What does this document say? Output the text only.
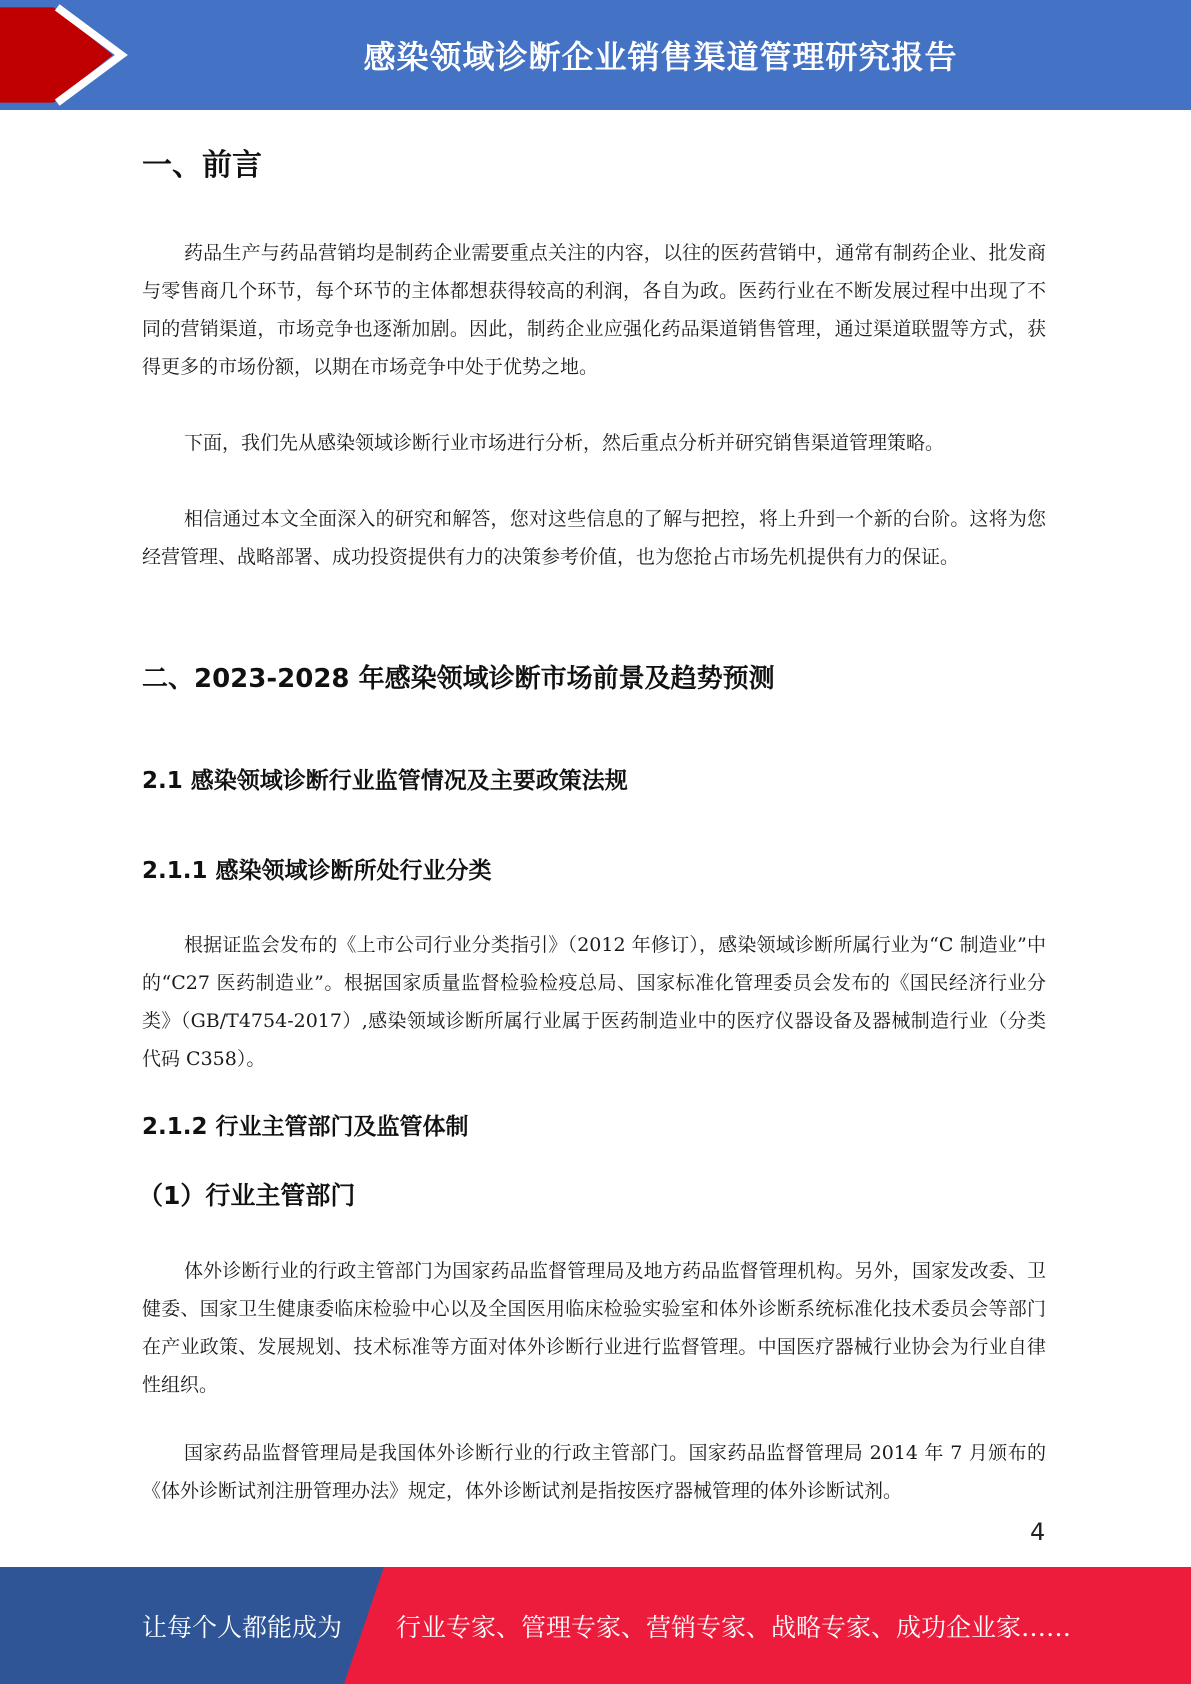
感染领域诊断企业销售渠道管理研究报告
一、前言

药品生产与药品营销均是制药企业需要重点关注的内容，以往的医药营销中，通常有制药企业、批发商与零售商几个环节，每个环节的主体都想获得较高的利润，各自为政。医药行业在不断发展过程中出现了不同的营销渠道，市场竞争也逐渐加剧。因此，制药企业应强化药品渠道销售管理，通过渠道联盟等方式，获得更多的市场份额，以期在市场竞争中处于优势之地。

下面，我们先从感染领域诊断行业市场进行分析，然后重点分析并研究销售渠道管理策略。

相信通过本文全面深入的研究和解答，您对这些信息的了解与把控，将上升到一个新的台阶。这将为您经营管理、战略部署、成功投资提供有力的决策参考价值，也为您抢占市场先机提供有力的保证。

二、2023-2028 年感染领域诊断市场前景及趋势预测
2.1 感染领域诊断行业监管情况及主要政策法规
2.1.1 感染领域诊断所处行业分类

根据证监会发布的《上市公司行业分类指引》（2012 年修订），感染领域诊断所属行业为“C 制造业”中的“C27 医药制造业”。根据国家质量监督检验检疫总局、国家标准化管理委员会发布的《国民经济行业分类》（GB/T4754-2017）,感染领域诊断所属行业属于医药制造业中的医疗仪器设备及器械制造行业（分类代码 C358）。

2.1.2 行业主管部门及监管体制
（1）行业主管部门

体外诊断行业的行政主管部门为国家药品监督管理局及地方药品监督管理机构。另外，国家发改委、卫健委、国家卫生健康委临床检验中心以及全国医用临床检验实验室和体外诊断系统标准化技术委员会等部门在产业政策、发展规划、技术标准等方面对体外诊断行业进行监督管理。中国医疗器械行业协会为行业自律性组织。

国家药品监督管理局是我国体外诊断行业的行政主管部门。国家药品监督管理局 2014 年 7 月颁布的《体外诊断试剂注册管理办法》规定，体外诊断试剂是指按医疗器械管理的体外诊断试剂。

4
让每个人都能成为 行业专家、管理专家、营销专家、战略专家、成功企业家……
